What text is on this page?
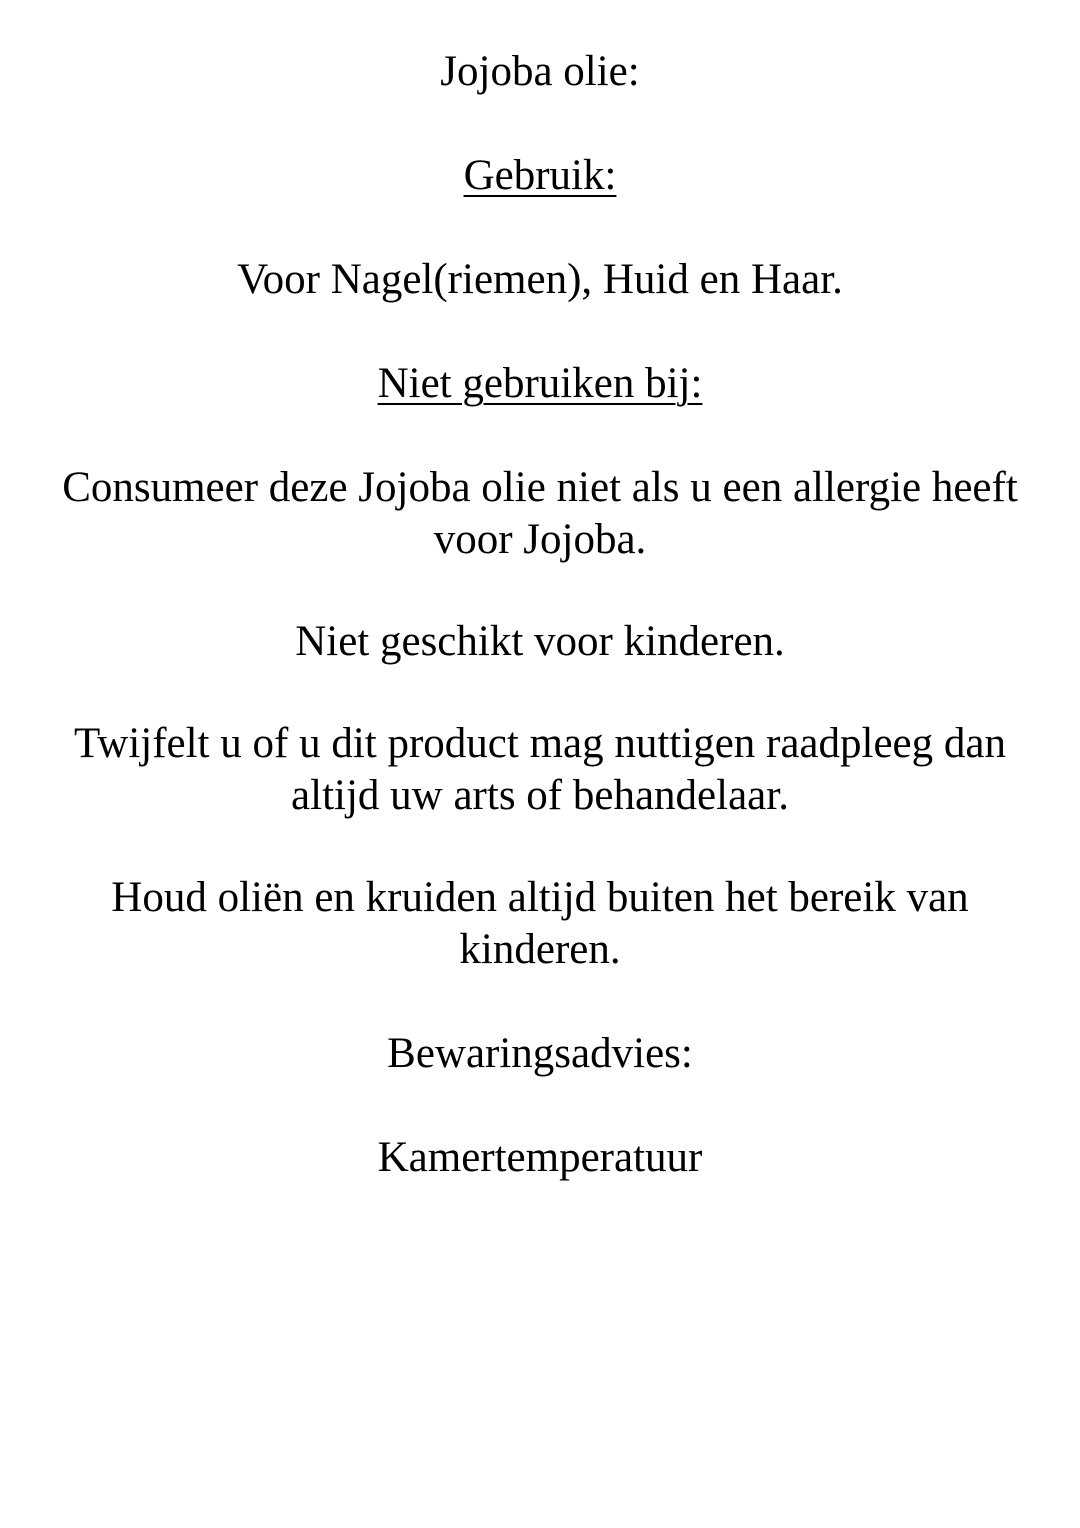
Jojoba olie:
Gebruik:
Voor Nagel(riemen), Huid en Haar.
Niet gebruiken bij:
Consumeer deze Jojoba olie niet als u een allergie heeft
voor Jojoba.
Niet geschikt voor kinderen.
Twijfelt u of u dit product mag nuttigen raadpleeg dan
altijd uw arts of behandelaar.
Houd oliën en kruiden altijd buiten het bereik van
kinderen.
Bewaringsadvies:
Kamertemperatuur
